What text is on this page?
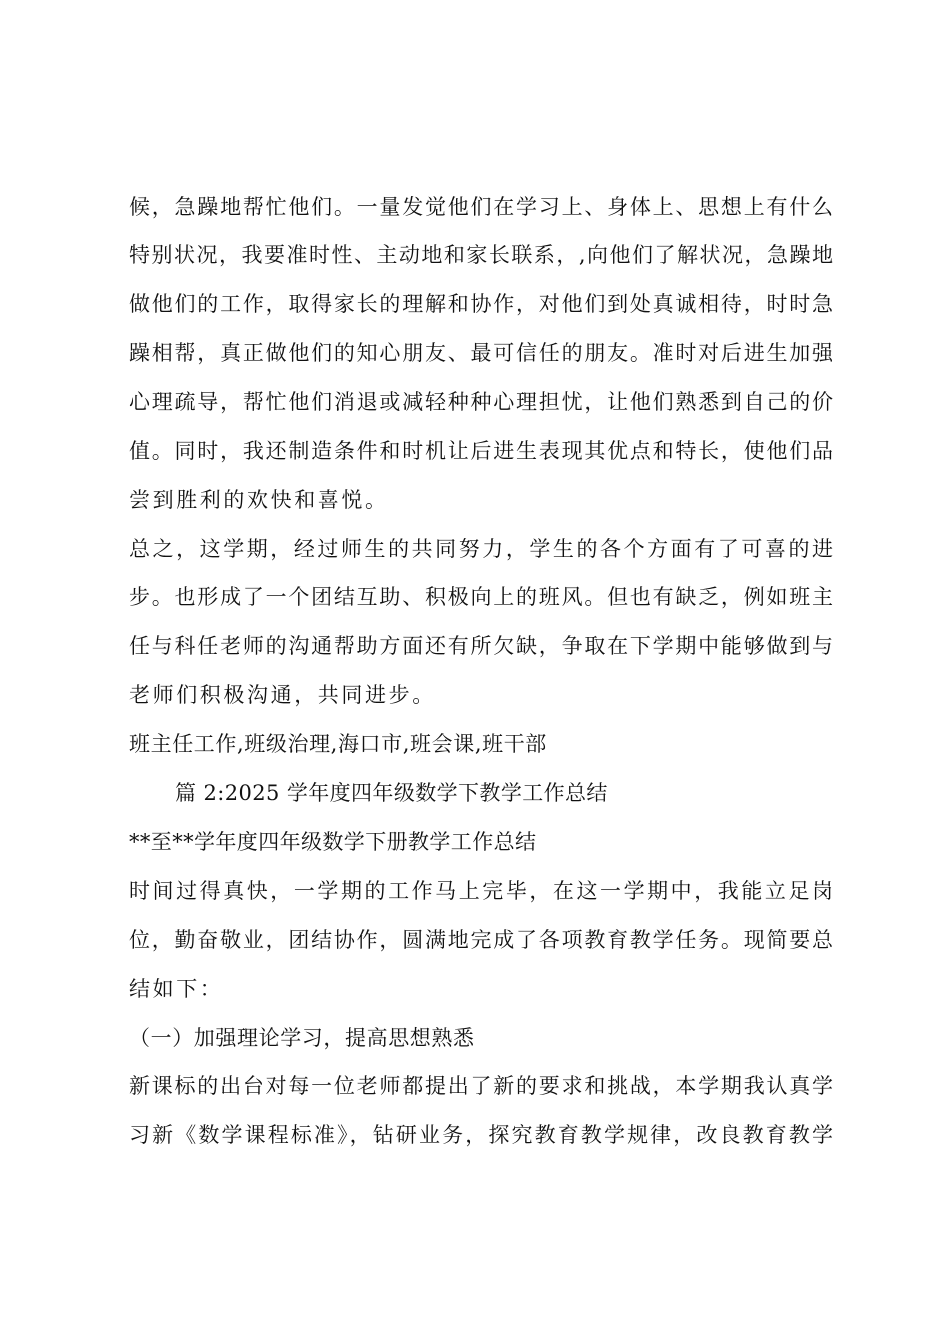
候，急躁地帮忙他们。一量发觉他们在学习上、身体上、思想上有什么
特别状况，我要准时性、主动地和家长联系，,向他们了解状况，急躁地
做他们的工作，取得家长的理解和协作，对他们到处真诚相待，时时急
躁相帮，真正做他们的知心朋友、最可信任的朋友。准时对后进生加强
心理疏导，帮忙他们消退或减轻种种心理担忧，让他们熟悉到自己的价
值。同时，我还制造条件和时机让后进生表现其优点和特长，使他们品
尝到胜利的欢快和喜悦。
总之，这学期，经过师生的共同努力，学生的各个方面有了可喜的进
步。也形成了一个团结互助、积极向上的班风。但也有缺乏，例如班主
任与科任老师的沟通帮助方面还有所欠缺，争取在下学期中能够做到与
老师们积极沟通，共同进步。
班主任工作,班级治理,海口市,班会课,班干部
篇 2:2025 学年度四年级数学下教学工作总结
**至**学年度四年级数学下册教学工作总结
时间过得真快，一学期的工作马上完毕，在这一学期中，我能立足岗
位，勤奋敬业，团结协作，圆满地完成了各项教育教学任务。现简要总
结如下：
（一）加强理论学习，提高思想熟悉
新课标的出台对每一位老师都提出了新的要求和挑战，本学期我认真学
习新《数学课程标准》，钻研业务，探究教育教学规律，改良教育教学
